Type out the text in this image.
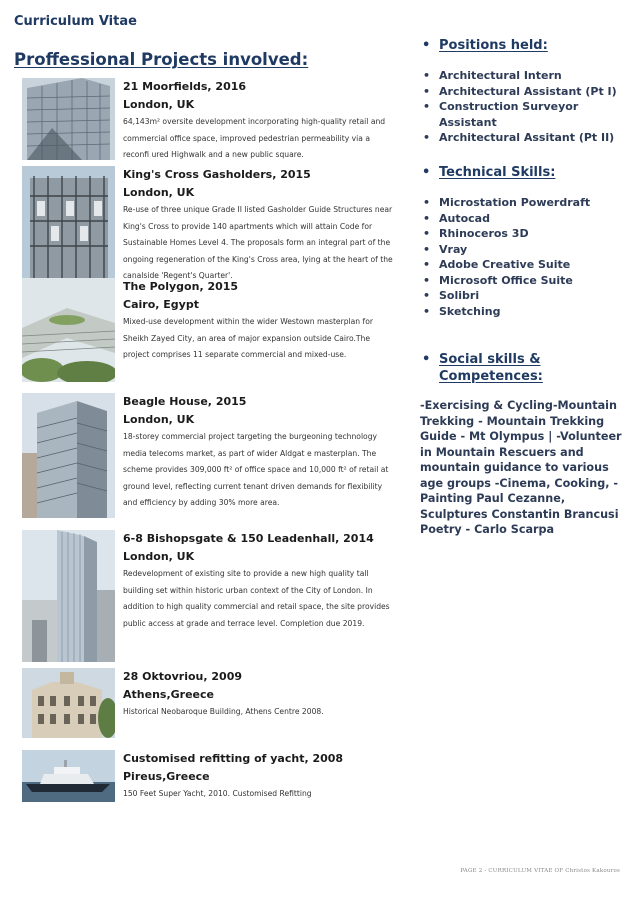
Curriculum Vitae
Proffessional Projects involved:
21 Moorfields, 2016
London, UK
64,143m² oversite development incorporating high-quality retail and commercial office space, improved pedestrian permeability via a reconfi ured Highwalk and a new public square.
King's Cross Gasholders, 2015
London, UK
Re-use of three unique Grade II listed Gasholder Guide Structures near King's Cross to provide 140 apartments which will attain Code for Sustainable Homes Level 4. The proposals form an integral part of the ongoing regeneration of the King's Cross area, lying at the heart of the canalside 'Regent's Quarter'.
The Polygon, 2015
Cairo, Egypt
Mixed-use development within the wider Westown masterplan for Sheikh Zayed City, an area of major expansion outside Cairo.The project comprises 11 separate commercial and mixed-use.
Beagle House, 2015
London, UK
18-storey commercial project targeting the burgeoning technology media telecoms market, as part of wider Aldgat e masterplan. The scheme provides 309,000 ft² of office space and 10,000 ft² of retail at ground level, reflecting current tenant driven demands for flexibility and efficiency by adding 30% more area.
6-8 Bishopsgate & 150 Leadenhall, 2014
London, UK
Redevelopment of existing site to provide a new high quality tall building set within historic urban context of the City of London. In addition to high quality commercial and retail space, the site provides public access at grade and terrace level. Completion due 2019.
28 Oktovriou, 2009
Athens,Greece
Historical Neobaroque Building, Athens Centre 2008.
Customised refitting of yacht, 2008
Pireus,Greece
150 Feet Super Yacht, 2010. Customised Refitting
• Positions held:
• Architectural Intern
• Architectural Assistant (Pt I)
• Construction Surveyor Assistant
• Architectural Assitant (Pt II)
• Technical Skills:
• Microstation Powerdraft
• Autocad
• Rhinoceros 3D
• Vray
• Adobe Creative Suite
• Microsoft Office Suite
• Solibri
• Sketching
• Social skills &
Competences:
-Exercising & Cycling-Mountain Trekking - Mountain Trekking Guide - Mt Olympus | -Volunteer in Mountain Rescuers and mountain guidance to various age groups -Cinema, Cooking, -Painting Paul Cezanne, Sculptures Constantin Brancusi Poetry - Carlo Scarpa
PAGE 2 - CURRICULUM VITAE OF Christos Kakouros
